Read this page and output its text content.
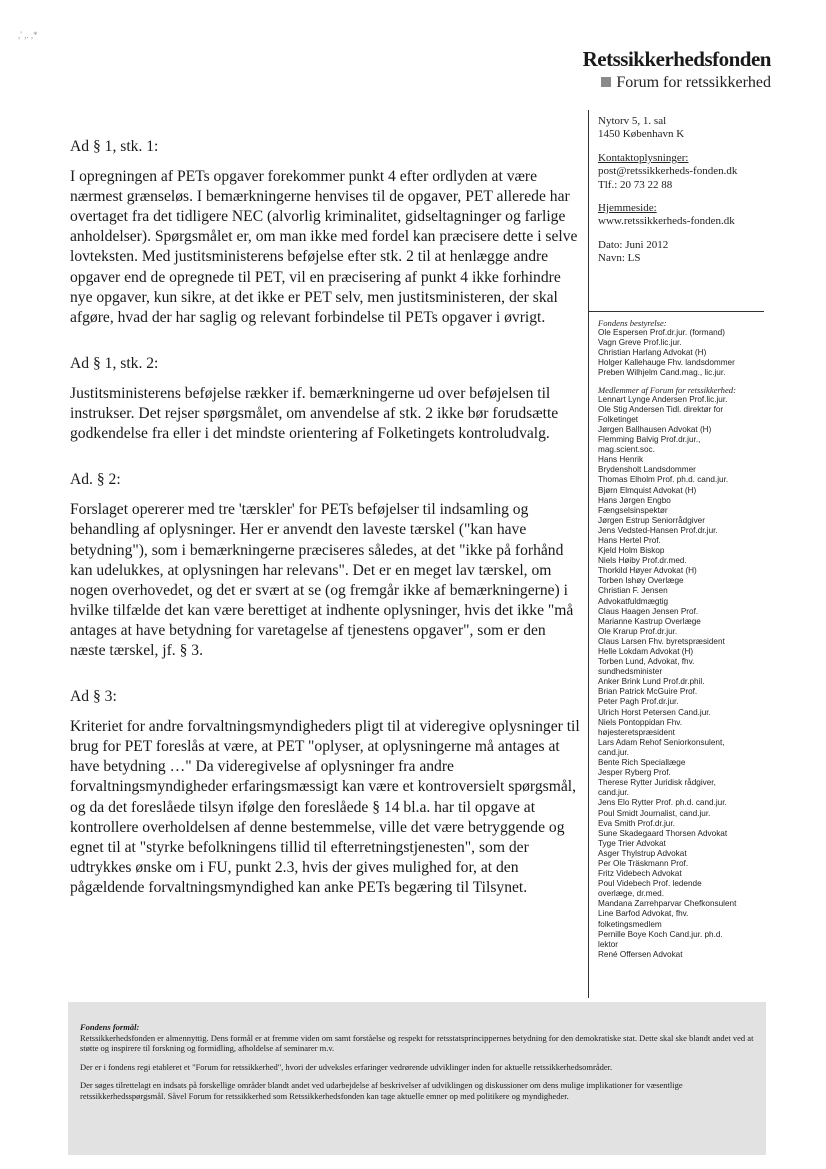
,' ,. ,*
Retssikkerhedsfonden
Forum for retssikkerhed
Ad § 1, stk. 1:
I opregningen af PETs opgaver forekommer punkt 4 efter ordlyden at være nærmest grænseløs. I bemærkningerne henvises til de opgaver, PET allerede har overtaget fra det tidligere NEC (alvorlig kriminalitet, gidseltagninger og farlige anholdelser). Spørgsmålet er, om man ikke med fordel kan præcisere dette i selve lovteksten. Med justitsministerens beføjelse efter stk. 2 til at henlægge andre opgaver end de opregnede til PET, vil en præcisering af punkt 4 ikke forhindre nye opgaver, kun sikre, at det ikke er PET selv, men justitsministeren, der skal afgøre, hvad der har saglig og relevant forbindelse til PETs opgaver i øvrigt.
Ad § 1, stk. 2:
Justitsministerens beføjelse rækker if. bemærkningerne ud over beføjelsen til instrukser. Det rejser spørgsmålet, om anvendelse af stk. 2 ikke bør forudsætte godkendelse fra eller i det mindste orientering af Folketingets kontroludvalg.
Ad. § 2:
Forslaget opererer med tre 'tærskler' for PETs beføjelser til indsamling og behandling af oplysninger. Her er anvendt den laveste tærskel ("kan have betydning"), som i bemærkningerne præciseres således, at det "ikke på forhånd kan udelukkes, at oplysningen har relevans". Det er en meget lav tærskel, om nogen overhovedet, og det er svært at se (og fremgår ikke af bemærkningerne) i hvilke tilfælde det kan være berettiget at indhente oplysninger, hvis det ikke "må antages at have betydning for varetagelse af tjenestens opgaver", som er den næste tærskel, jf. § 3.
Ad § 3:
Kriteriet for andre forvaltningsmyndigheders pligt til at videregive oplysninger til brug for PET foreslås at være, at PET "oplyser, at oplysningerne må antages at have betydning …" Da videregivelse af oplysninger fra andre forvaltningsmyndigheder erfaringsmæssigt kan være et kontroversielt spørgsmål, og da det foreslåede tilsyn ifølge den foreslåede § 14 bl.a. har til opgave at kontrollere overholdelsen af denne bestemmelse, ville det være betryggende og egnet til at "styrke befolkningens tillid til efterretningstjenesten", som der udtrykkes ønske om i FU, punkt 2.3, hvis der gives mulighed for, at den pågældende forvaltningsmyndighed kan anke PETs begæring til Tilsynet.
Nytorv 5, 1. sal
1450 København K
Kontaktoplysninger:
post@retssikkerheds-fonden.dk
Tlf.: 20 73 22 88
Hjemmeside:
www.retssikkerheds-fonden.dk
Dato: Juni 2012
Navn: LS
Fondens bestyrelse:
Ole Espersen Prof.dr.jur. (formand)
Vagn Greve Prof.lic.jur.
Christian Harlang Advokat (H)
Holger Kallehauge Fhv. landsdommer
Preben Wilhjelm Cand.mag., lic.jur.
Medlemmer af Forum for retssikkerhed:
Lennart Lynge Andersen Prof.lic.jur.
Ole Stig Andersen Tidl. direktør for
Folketinget
Jørgen Ballhausen Advokat (H)
Flemming Balvig Prof.dr.jur.,
mag.scient.soc.
Hans Henrik
Brydensholt Landsdommer
Thomas Elholm Prof. ph.d. cand.jur.
Bjørn Elmquist Advokat (H)
Hans Jørgen Engbo
Fængselsinspektør
Jørgen Estrup Seniorrådgiver
Jens Vedsted-Hansen Prof.dr.jur.
Hans Hertel Prof.
Kjeld Holm Biskop
Niels Høiby Prof.dr.med.
Thorkild Høyer Advokat (H)
Torben Ishøy Overlæge
Christian F. Jensen
Advokatfuldmægtig
Claus Haagen Jensen Prof.
Marianne Kastrup Overlæge
Ole Krarup Prof.dr.jur.
Claus Larsen Fhv. byretspræsident
Helle Lokdam Advokat (H)
Torben Lund, Advokat, fhv.
sundhedsminister
Anker Brink Lund Prof.dr.phil.
Brian Patrick McGuire Prof.
Peter Pagh Prof.dr.jur.
Ulrich Horst Petersen Cand.jur.
Niels Pontoppidan Fhv.
højesteretspræsident
Lars Adam Rehof Seniorkonsulent,
cand.jur.
Bente Rich Speciallæge
Jesper Ryberg Prof.
Therese Rytter Juridisk rådgiver,
cand.jur.
Jens Elo Rytter Prof. ph.d. cand.jur.
Poul Smidt Journalist, cand.jur.
Eva Smith Prof.dr.jur.
Sune Skadegaard Thorsen Advokat
Tyge Trier Advokat
Asger Thylstrup Advokat
Per Ole Träskmann Prof.
Fritz Videbech Advokat
Poul Videbech Prof. ledende
overlæge, dr.med.
Mandana Zarrehparvar Chefkonsulent
Line Barfod Advokat, fhv.
folketingsmedlem
Pernille Boye Koch Cand.jur. ph.d.
lektor
René Offersen Advokat
Fondens formål:

Retssikkerhedsfonden er almennyttig. Dens formål er at fremme viden om samt forståelse og respekt for retsstatsprincippernes betydning for den demokratiske stat. Dette skal ske blandt andet ved at støtte og inspirere til forskning og formidling, afholdelse af seminarer m.v.

Der er i fondens regi etableret et "Forum for retssikkerhed", hvori der udveksles erfaringer vedrørende udviklinger inden for aktuelle retssikkerhedsområder.

Der søges tilrettelagt en indsats på forskellige områder blandt andet ved udarbejdelse af beskrivelser af udviklingen og diskussioner om dens mulige implikationer for væsentlige retssikkerhedsspørgsmål. Såvel Forum for retssikkerhed som Retssikkerhedsfonden kan tage aktuelle emner op med politikere og myndigheder.
